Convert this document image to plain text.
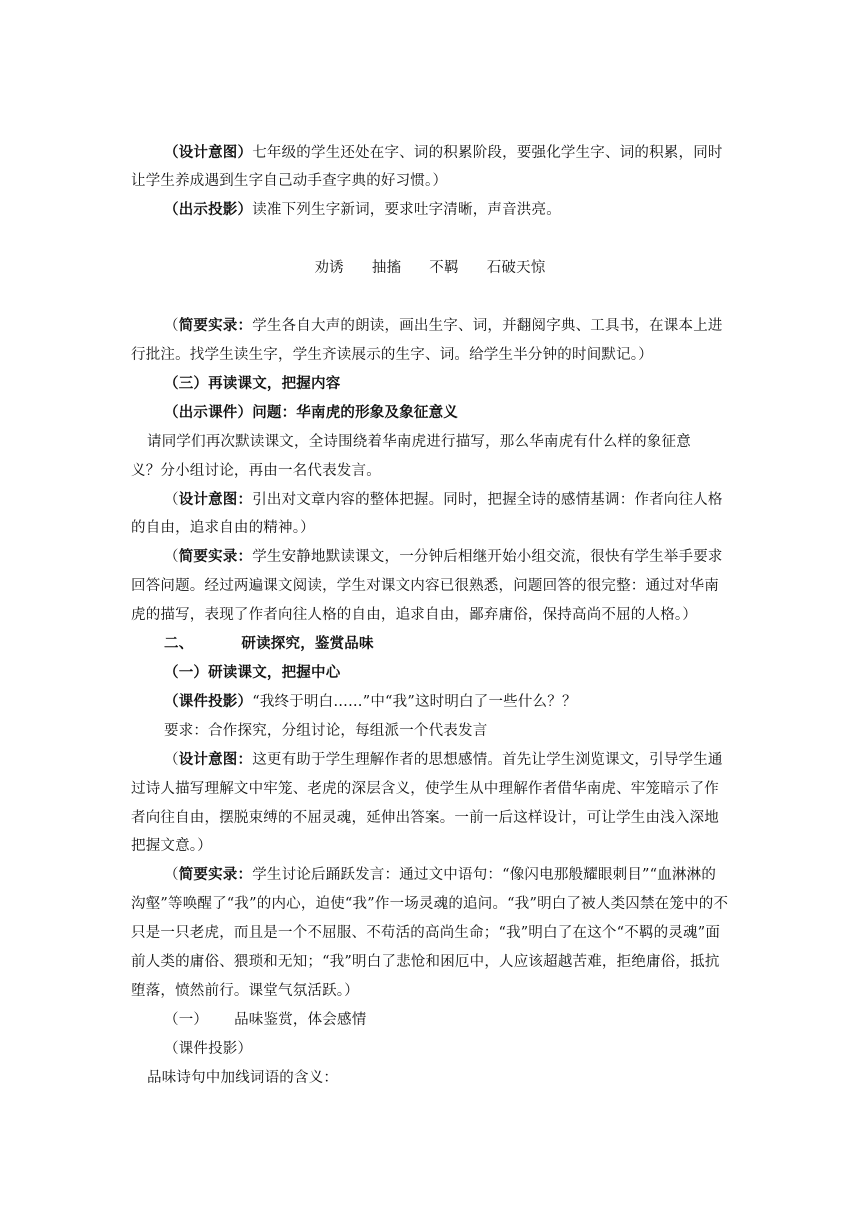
（设计意图）七年级的学生还处在字、词的积累阶段，要强化学生字、词的积累，同时
让学生养成遇到生字自己动手查字典的好习惯。）
（出示投影）读准下列生字新词，要求吐字清晰，声音洪亮。
劝诱 抽搐 不羁 石破天惊
（简要实录：学生各自大声的朗读，画出生字、词，并翻阅字典、工具书，在课本上进
行批注。找学生读生字，学生齐读展示的生字、词。给学生半分钟的时间默记。）
（三）再读课文，把握内容
（出示课件）问题：华南虎的形象及象征意义
请同学们再次默读课文，全诗围绕着华南虎进行描写，那么华南虎有什么样的象征意
义？分小组讨论，再由一名代表发言。
（设计意图：引出对文章内容的整体把握。同时，把握全诗的感情基调：作者向往人格
的自由，追求自由的精神。）
（简要实录：学生安静地默读课文，一分钟后相继开始小组交流，很快有学生举手要求
回答问题。经过两遍课文阅读，学生对课文内容已很熟悉，问题回答的很完整：通过对华南
虎的描写，表现了作者向往人格的自由，追求自由，鄙弃庸俗，保持高尚不屈的人格。）
二、	研读探究，鉴赏品味
（一）研读课文，把握中心
（课件投影）“我终于明白……”中“我”这时明白了一些什么？？
要求：合作探究，分组讨论，每组派一个代表发言
（设计意图：这更有助于学生理解作者的思想感情。首先让学生浏览课文，引导学生通
过诗人描写理解文中牢笼、老虎的深层含义，使学生从中理解作者借华南虎、牢笼暗示了作
者向往自由，摆脱束缚的不屈灵魂，延伸出答案。一前一后这样设计，可让学生由浅入深地
把握文意。）
（简要实录：学生讨论后踊跃发言：通过文中语句：“像闪电那般耀眼刺目”“血淋淋的
沟壑”等唤醒了“我”的内心，迫使“我”作一场灵魂的追问。“我”明白了被人类囚禁在笼中的不
只是一只老虎，而且是一个不屈服、不苟活的高尚生命；“我”明白了在这个“不羁的灵魂”面
前人类的庸俗、猥琐和无知；“我”明白了悲怆和困厄中，人应该超越苦难，拒绝庸俗，抵抗
堕落，愤然前行。课堂气氛活跃。）
（一） 品味鉴赏，体会感情
（课件投影）
品味诗句中加线词语的含义：
